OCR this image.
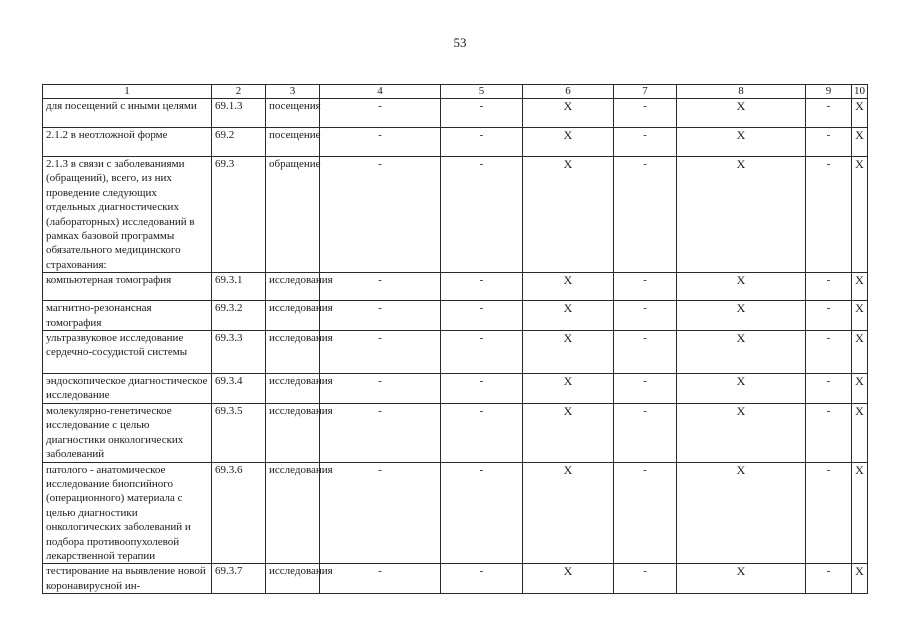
53
1	2	3	4	5	6	7	8	9	10
для посещений с иными целями	69.1.3	посещения	-	-	X	-	X	-	X
2.1.2 в неотложной форме	69.2	посещение	-	-	X	-	X	-	X
2.1.3 в связи с заболеваниями (обращений), всего, из них проведение следующих отдельных диагностических (лабораторных) исследований в рамках базовой программы обязательного медицинского страхования:	69.3	обращение	-	-	X	-	X	-	X
компьютерная томография	69.3.1	исследования	-	-	X	-	X	-	X
магнитно-резонансная томография	69.3.2	исследования	-	-	X	-	X	-	X
ультразвуковое исследование сердечно-сосудистой системы	69.3.3	исследования	-	-	X	-	X	-	X
эндоскопическое диагностическое исследование	69.3.4	исследования	-	-	X	-	X	-	X
молекулярно-генетическое исследование с целью диагностики онкологических заболеваний	69.3.5	исследования	-	-	X	-	X	-	X
патолого - анатомическое исследование биопсийного (операционного) материала с целью диагностики онкологических заболеваний и подбора противоопухолевой лекарственной терапии	69.3.6	исследования	-	-	X	-	X	-	X
тестирование на выявление новой коронавирусной ин-	69.3.7	исследования	-	-	X	-	X	-	X
